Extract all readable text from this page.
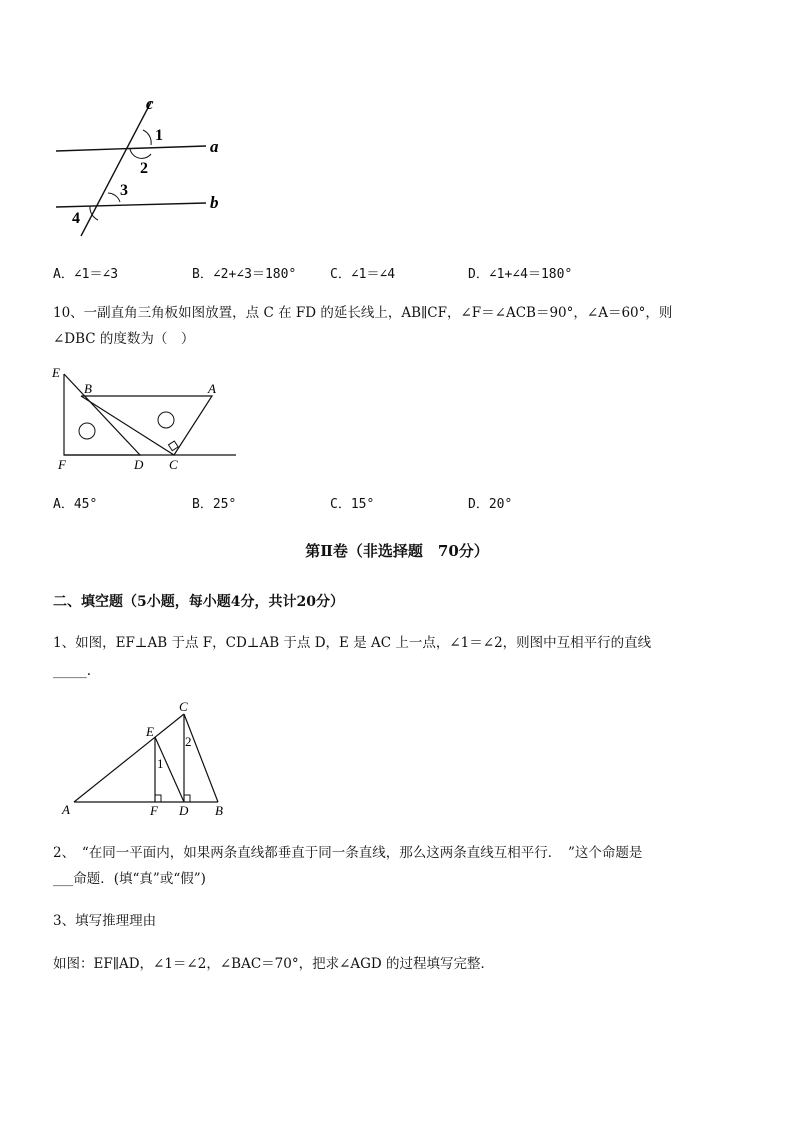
c
a
b
1
2
3
4
A．∠1＝∠3	B．∠2+∠3＝180°	C．∠1＝∠4	D．∠1+∠4＝180°
10、一副直角三角板如图放置，点 C 在 FD 的延长线上，AB∥CF，∠F＝∠ACB＝90°，∠A＝60°，则
∠DBC 的度数为（　）
E
B	A
F	D C
A．45°	B．25°	C．15°	D．20°
第Ⅱ卷（非选择题　70分）
二、填空题（5小题，每小题4分，共计20分）
1、如图，EF⊥AB 于点 F，CD⊥AB 于点 D，E 是 AC 上一点，∠1＝∠2，则图中互相平行的直线
_____.
C
E
A	F D B
1
2
2、　“在同一平面内，如果两条直线都垂直于同一条直线，那么这两条直线互相平行．　”这个命题是
___命题．(填“真”或“假”)
3、填写推理理由
如图：EF∥AD，∠1＝∠2，∠BAC＝70°，把求∠AGD 的过程填写完整．
